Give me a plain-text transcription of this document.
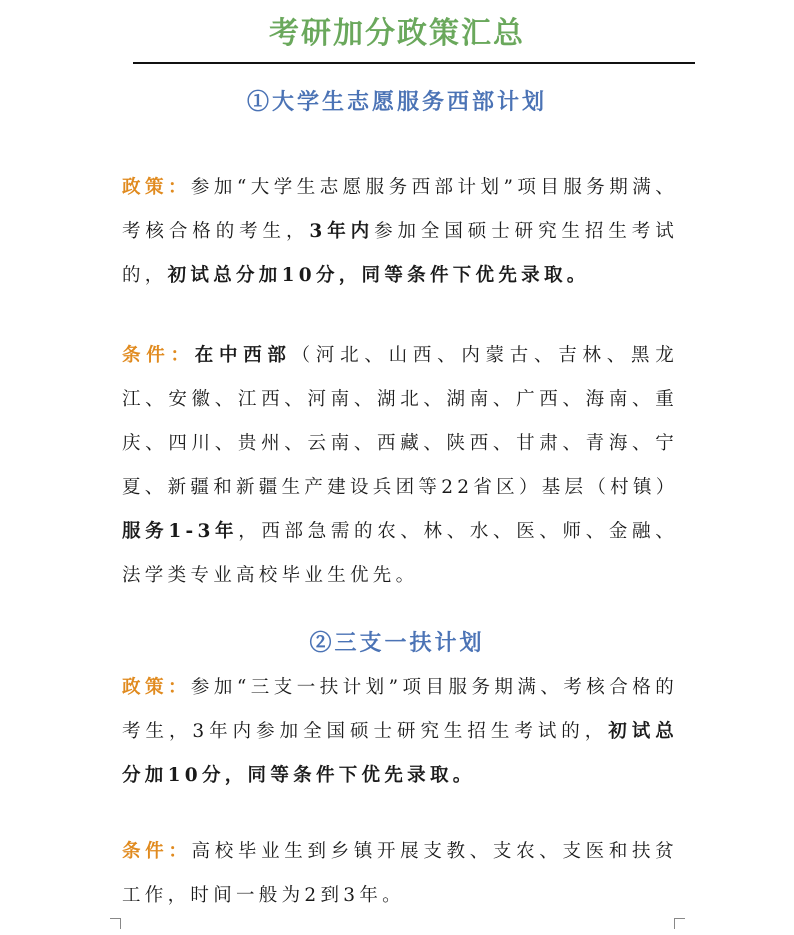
考研加分政策汇总
①大学生志愿服务西部计划
政策：参加“大学生志愿服务西部计划”项目服务期满、考核合格的考生，3年内参加全国硕士研究生招生考试的，初试总分加10分，同等条件下优先录取。
条件：在中西部（河北、山西、内蒙古、吉林、黑龙江、安徽、江西、河南、湖北、湖南、广西、海南、重庆、四川、贵州、云南、西藏、陕西、甘肃、青海、宁夏、新疆和新疆生产建设兵团等22省区）基层（村镇）服务1-3年，西部急需的农、林、水、医、师、金融、法学类专业高校毕业生优先。
②三支一扶计划
政策：参加“三支一扶计划”项目服务期满、考核合格的考生，3年内参加全国硕士研究生招生考试的，初试总分加10分，同等条件下优先录取。
条件：高校毕业生到乡镇开展支教、支农、支医和扶贫工作，时间一般为2到3年。
